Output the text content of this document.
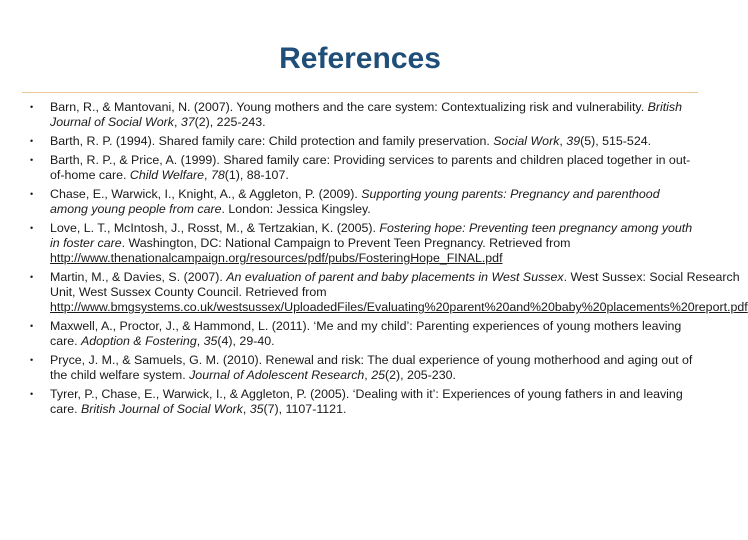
References
•	Barn, R., & Mantovani, N. (2007). Young mothers and the care system: Contextualizing risk and vulnerability. British Journal of Social Work, 37(2), 225-243.
•	Barth, R. P. (1994). Shared family care: Child protection and family preservation. Social Work, 39(5), 515-524.
•	Barth, R. P., & Price, A. (1999). Shared family care: Providing services to parents and children placed together in out-of-home care. Child Welfare, 78(1), 88-107.
•	Chase, E., Warwick, I., Knight, A., & Aggleton, P. (2009). Supporting young parents: Pregnancy and parenthood among young people from care. London: Jessica Kingsley.
•	Love, L. T., McIntosh, J., Rosst, M., & Tertzakian, K. (2005). Fostering hope: Preventing teen pregnancy among youth in foster care. Washington, DC: National Campaign to Prevent Teen Pregnancy. Retrieved from http://www.thenationalcampaign.org/resources/pdf/pubs/FosteringHope_FINAL.pdf
•	Martin, M., & Davies, S. (2007). An evaluation of parent and baby placements in West Sussex. West Sussex: Social Research Unit, West Sussex County Council. Retrieved from http://www.bmgsystems.co.uk/westsussex/UploadedFiles/Evaluating%20parent%20and%20baby%20placements%20report.pdf
•	Maxwell, A., Proctor, J., & Hammond, L. (2011). ‘Me and my child’: Parenting experiences of young mothers leaving care. Adoption & Fostering, 35(4), 29-40.
•	Pryce, J. M., & Samuels, G. M. (2010). Renewal and risk: The dual experience of young motherhood and aging out of the child welfare system. Journal of Adolescent Research, 25(2), 205-230.
•	Tyrer, P., Chase, E., Warwick, I., & Aggleton, P. (2005). ‘Dealing with it’: Experiences of young fathers in and leaving care. British Journal of Social Work, 35(7), 1107-1121.
